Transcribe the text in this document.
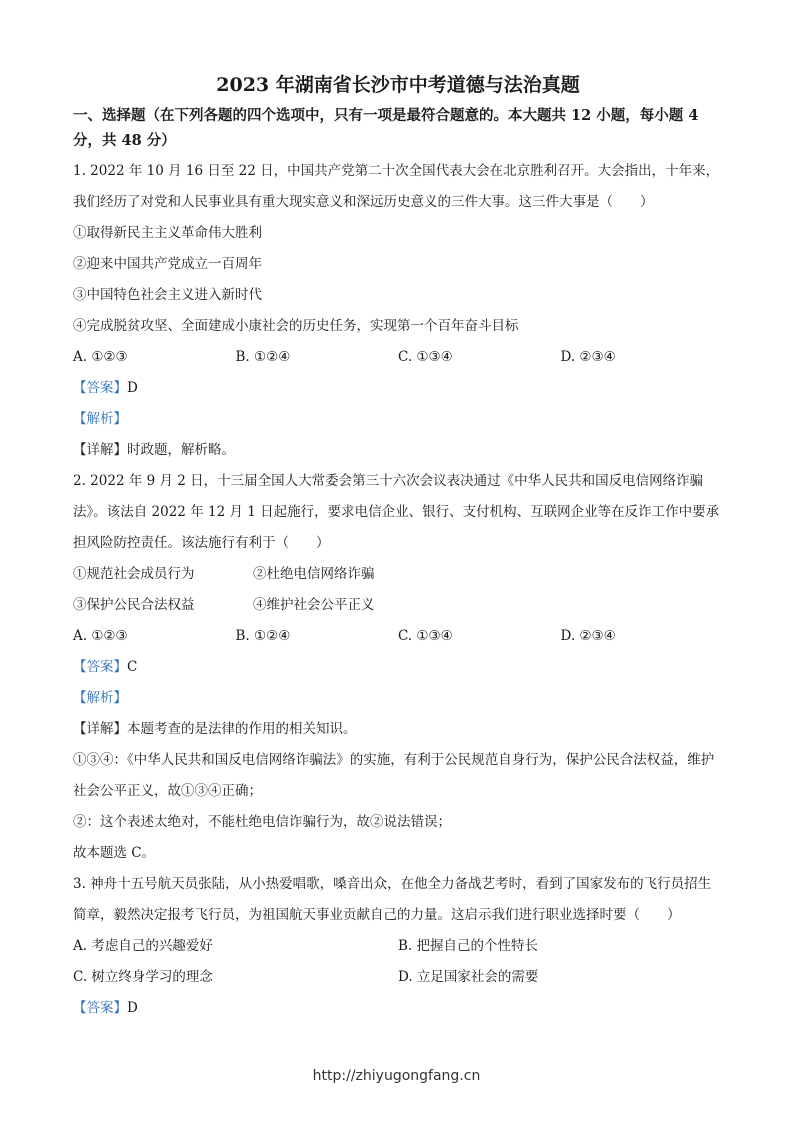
2023 年湖南省长沙市中考道德与法治真题
一、选择题（在下列各题的四个选项中，只有一项是最符合题意的。本大题共 12 小题，每小题 4 分，共 48 分）
1. 2022 年 10 月 16 日至 22 日，中国共产党第二十次全国代表大会在北京胜利召开。大会指出，十年来，我们经历了对党和人民事业具有重大现实意义和深远历史意义的三件大事。这三件大事是（　　）
①取得新民主主义革命伟大胜利
②迎来中国共产党成立一百周年
③中国特色社会主义进入新时代
④完成脱贫攻坚、全面建成小康社会的历史任务，实现第一个百年奋斗目标
A. ①②③	B. ①②④	C. ①③④	D. ②③④
【答案】D
【解析】
【详解】时政题，解析略。
2. 2022 年 9 月 2 日，十三届全国人大常委会第三十六次会议表决通过《中华人民共和国反电信网络诈骗法》。该法自 2022 年 12 月 1 日起施行，要求电信企业、银行、支付机构、互联网企业等在反诈工作中要承担风险防控责任。该法施行有利于（　　）
①规范社会成员行为	②杜绝电信网络诈骗
③保护公民合法权益	④维护社会公平正义
A. ①②③	B. ①②④	C. ①③④	D. ②③④
【答案】C
【解析】
【详解】本题考查的是法律的作用的相关知识。
①③④：《中华人民共和国反电信网络诈骗法》的实施，有利于公民规范自身行为，保护公民合法权益，维护社会公平正义，故①③④正确；
②：这个表述太绝对，不能杜绝电信诈骗行为，故②说法错误；
故本题选 C。
3. 神舟十五号航天员张陆，从小热爱唱歌，嗓音出众，在他全力备战艺考时，看到了国家发布的飞行员招生简章，毅然决定报考飞行员，为祖国航天事业贡献自己的力量。这启示我们进行职业选择时要（　　）
A. 考虑自己的兴趣爱好	B. 把握自己的个性特长
C. 树立终身学习的理念	D. 立足国家社会的需要
【答案】D
http://zhiyugongfang.cn
